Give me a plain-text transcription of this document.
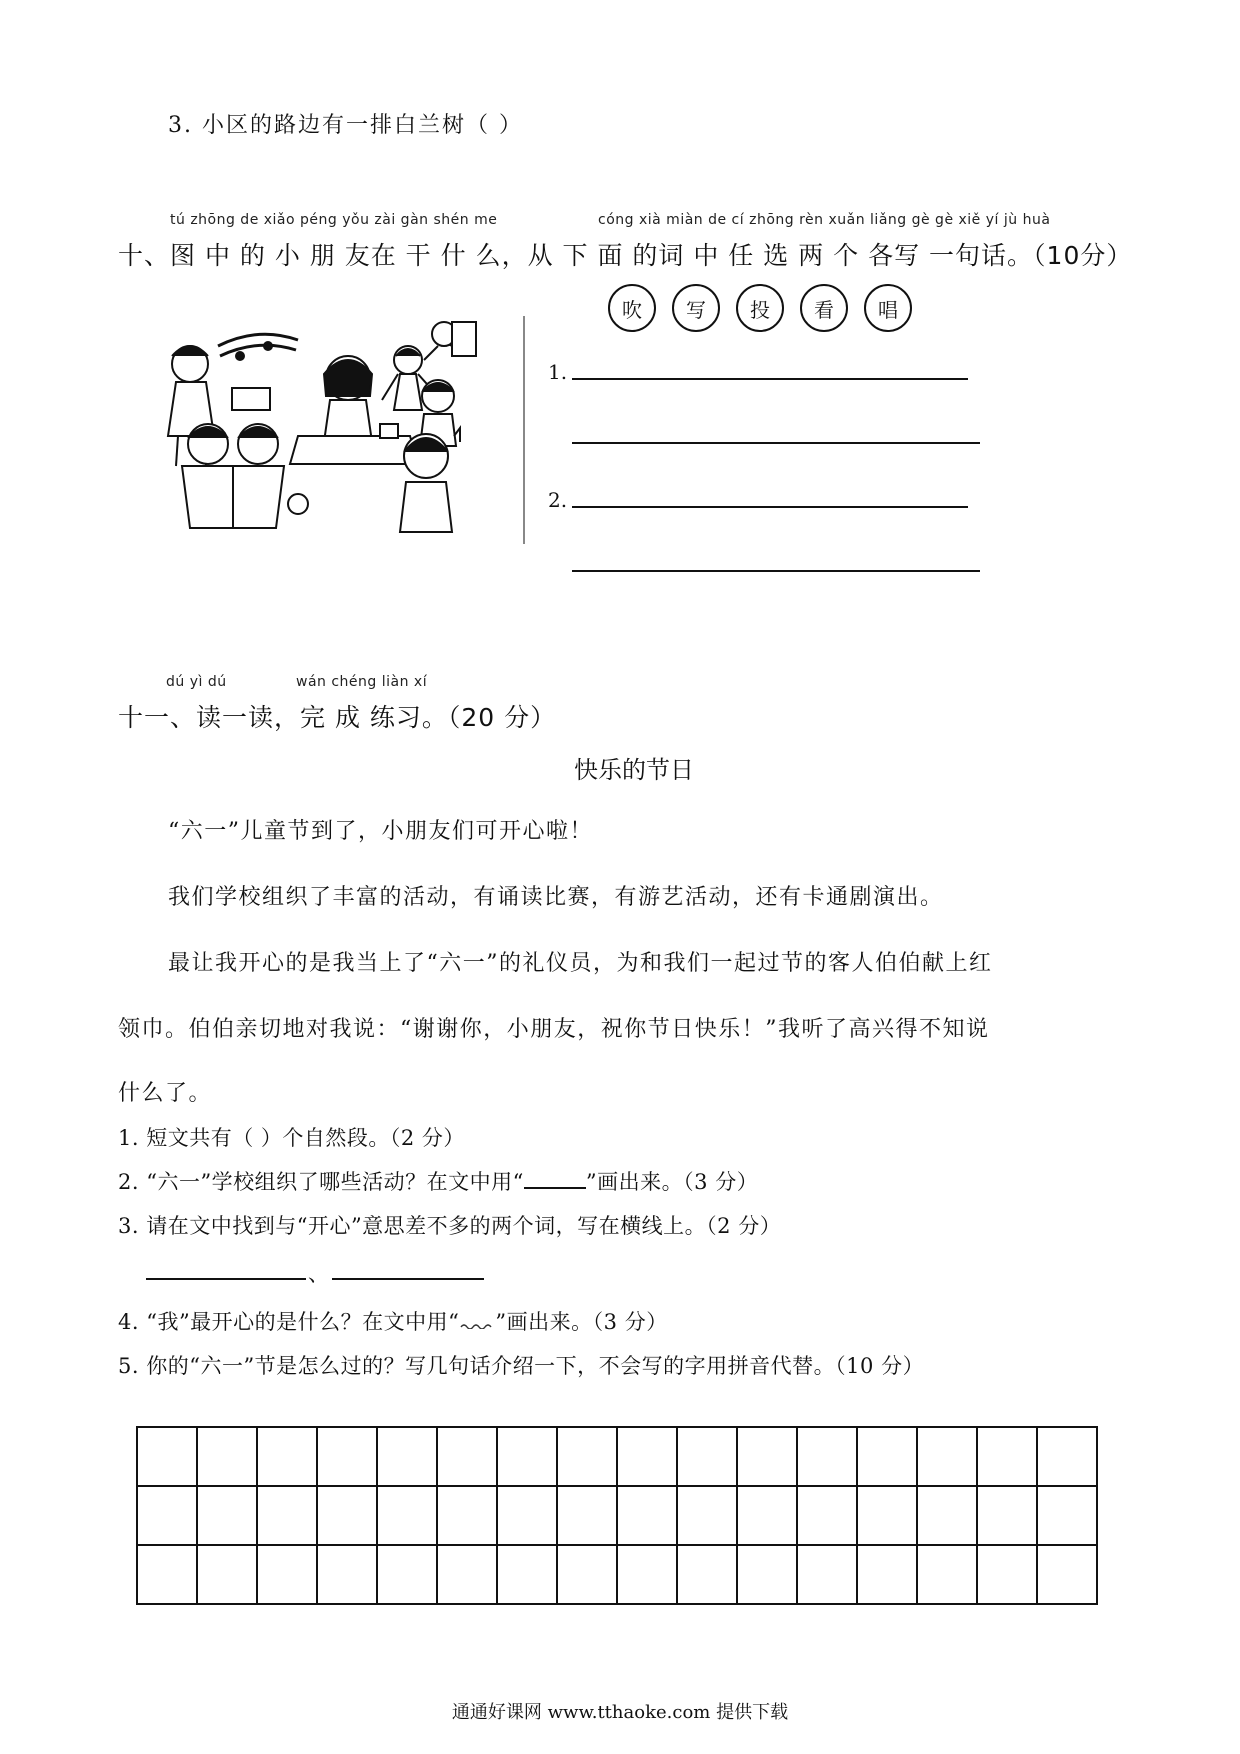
3. 小区的路边有一排白兰树（ ）
tú zhōng de xiǎo péng yǒu zài gàn shén me	cóng xià miàn de cí zhōng rèn xuǎn liǎng gè gè xiě yí jù huà
十、图 中 的 小 朋 友在 干 什 么，从 下 面 的词 中 任 选 两 个 各写 一句话。（10分）
吹	写	投	看	唱
1.
2.
dú yì dú	wán chéng liàn xí
十一、读一读，完 成 练习。（20 分）
快乐的节日
“六一”儿童节到了，小朋友们可开心啦！
我们学校组织了丰富的活动，有诵读比赛，有游艺活动，还有卡通剧演出。
最让我开心的是我当上了“六一”的礼仪员，为和我们一起过节的客人伯伯献上红
领巾。伯伯亲切地对我说：“谢谢你，小朋友，祝你节日快乐！”我听了高兴得不知说
什么了。
1. 短文共有（ ）个自然段。（2 分）
2. “六一”学校组织了哪些活动？在文中用“	”画出来。（3 分）
3. 请在文中找到与“开心”意思差不多的两个词，写在横线上。（2 分）
、
4. “我”最开心的是什么？在文中用“ ”画出来。（3 分）
5. 你的“六一”节是怎么过的？写几句话介绍一下，不会写的字用拼音代替。（10 分）

通通好课网 www.tthaoke.com 提供下载
